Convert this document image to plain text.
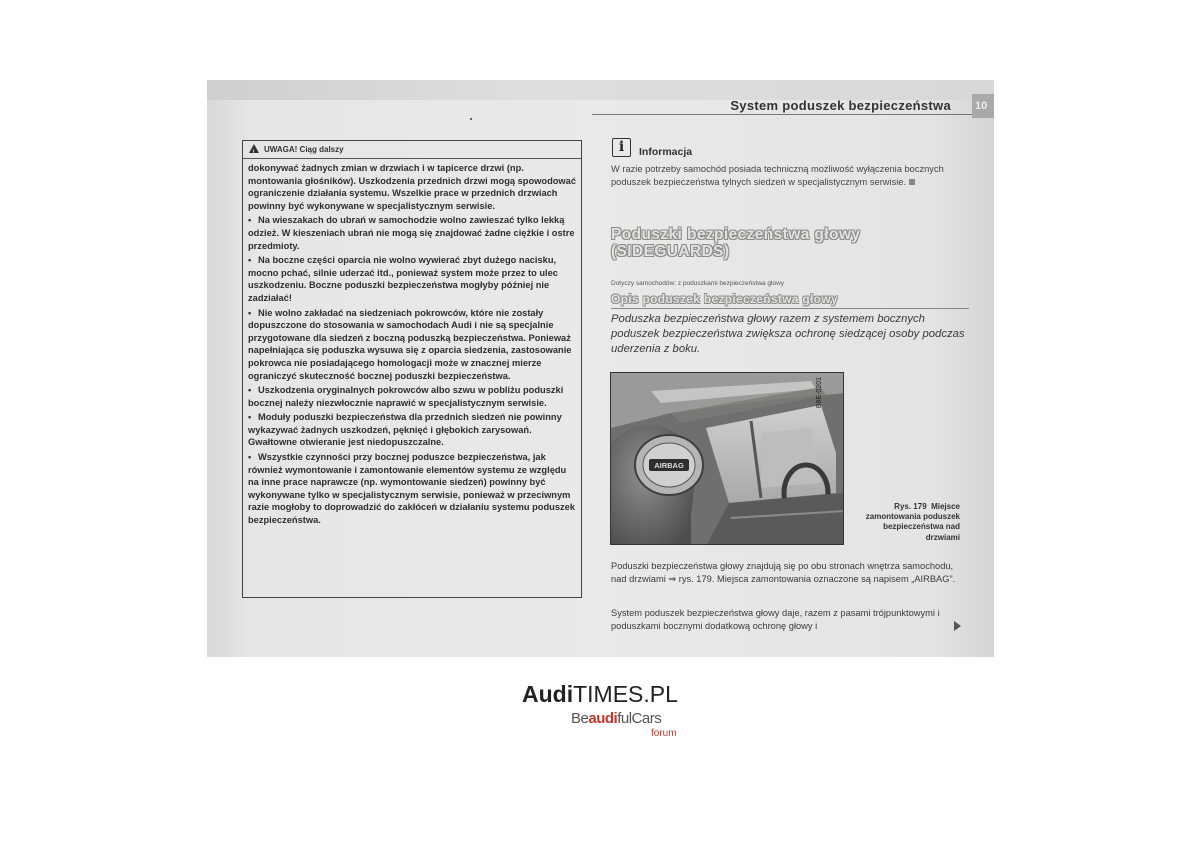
System poduszek bezpieczeństwa 10
!UWAGA! Ciąg dalszy

dokonywać żadnych zmian w drzwiach i w tapicerce drzwi (np. montowania głośników). Uszkodzenia przednich drzwi mogą spowodować ograniczenie działania systemu. Wszelkie prace w przednich drzwiach powinny być wykonywane w specjalistycznym serwisie.

• Na wieszakach do ubrań w samochodzie wolno zawieszać tylko lekką odzież. W kieszeniach ubrań nie mogą się znajdować żadne ciężkie i ostre przedmioty.
• Na boczne części oparcia nie wolno wywierać zbyt dużego nacisku, mocno pchać, silnie uderzać itd., ponieważ system może przez to ulec uszkodzeniu. Boczne poduszki bezpieczeństwa mogłyby później nie zadziałać!
• Nie wolno zakładać na siedzeniach pokrowców, które nie zostały dopuszczone do stosowania w samochodach Audi i nie są specjalnie przygotowane dla siedzeń z boczną poduszką bezpieczeństwa. Ponieważ napełniająca się poduszka wysuwa się z oparcia siedzenia, zastosowanie pokrowca nie posiadającego homologacji może w znacznej mierze ograniczyć skuteczność bocznej poduszki bezpieczeństwa.
• Uszkodzenia oryginalnych pokrowców albo szwu w pobliżu poduszki bocznej należy niezwłocznie naprawić w specjalistycznym serwisie.
• Moduły poduszki bezpieczeństwa dla przednich siedzeń nie powinny wykazywać żadnych uszkodzeń, pęknięć i głębokich zarysowań. Gwałtowne otwieranie jest niedopuszczalne.
• Wszystkie czynności przy bocznej poduszce bezpieczeństwa, jak również wymontowanie i zamontowanie elementów systemu ze względu na inne prace naprawcze (np. wymontowanie siedzeń) powinny być wykonywane tylko w specjalistycznym serwisie, ponieważ w przeciwnym razie mogłoby to doprowadzić do zakłóceń w działaniu systemu poduszek bezpieczeństwa.
i	Informacja
W razie potrzeby samochód posiada techniczną możliwość wyłączenia bocznych poduszek bezpieczeństwa tylnych siedzeń w specjalistycznym serwisie.
Poduszki bezpieczeństwa głowy
(SIDEGUARDS)
Dotyczy samochodów: z poduszkami bezpieczeństwa głowy
Opis poduszek bezpieczeństwa głowy
Poduszka bezpieczeństwa głowy razem z systemem bocznych poduszek bezpieczeństwa zwiększa ochronę siedzącej osoby podczas uderzenia z boku.
AIRBAG
B8E-0201
Rys. 179 Miejsce zamontowania poduszek bezpieczeństwa nad drzwiami
Poduszki bezpieczeństwa głowy znajdują się po obu stronach wnętrza samochodu, nad drzwiami ⇒ rys. 179. Miejsca zamontowania oznaczone są napisem „AIRBAG”.
System poduszek bezpieczeństwa głowy daje, razem z pasami trójpunktowymi i poduszkami bocznymi dodatkową ochronę głowy i
AudiTIMES.PL
BeaudifulCars
forum
